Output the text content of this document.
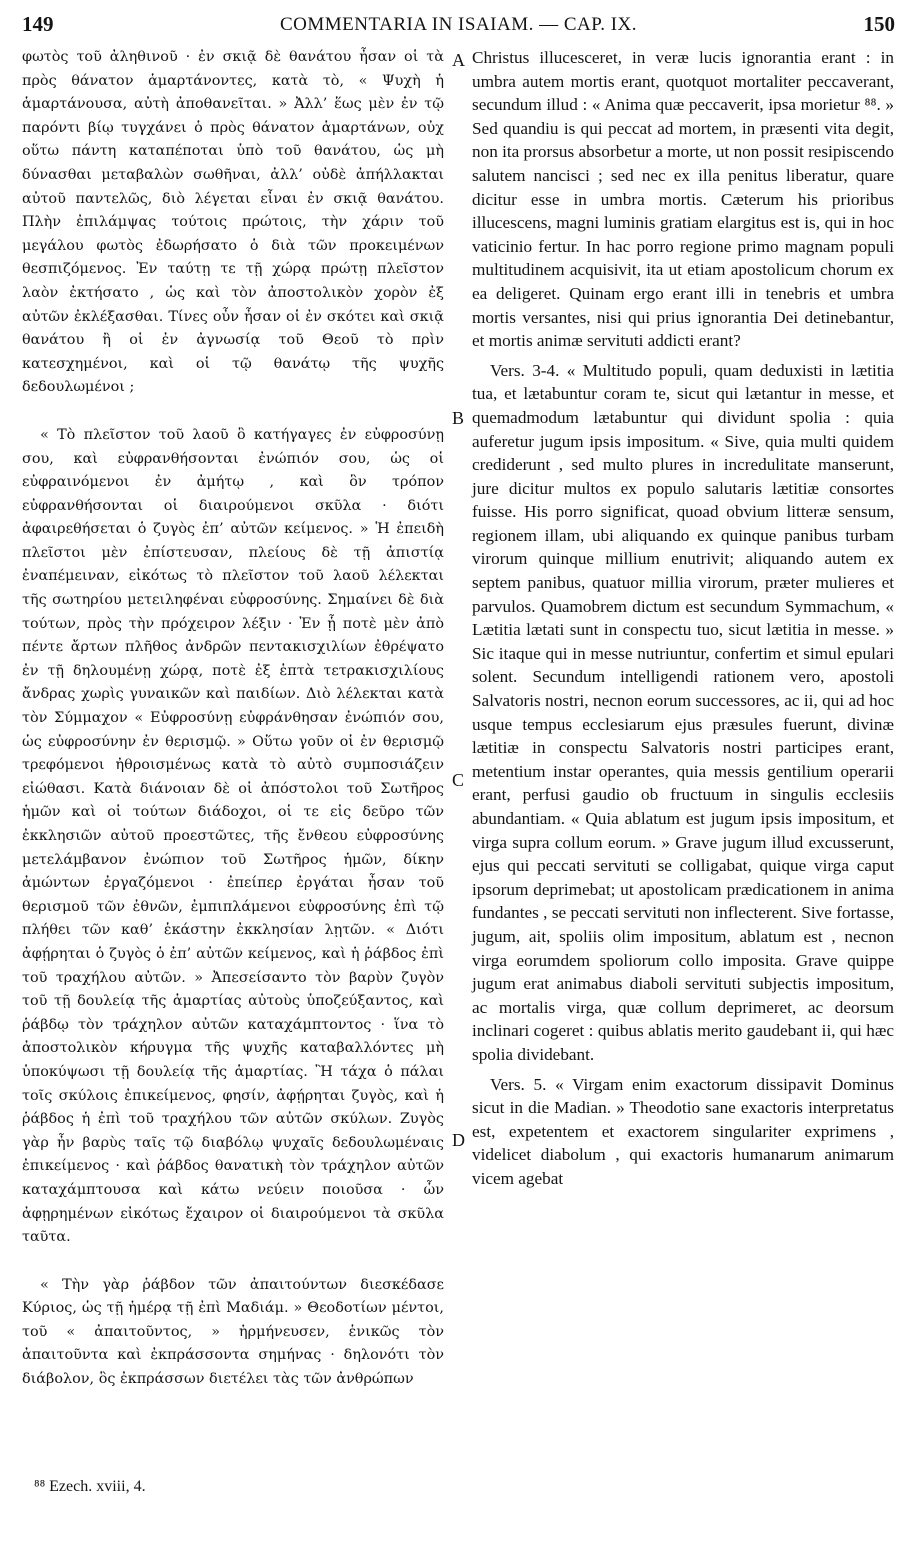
149	COMMENTARIA IN ISAIAM. — CAP. IX.	150

φωτὸς τοῦ ἀληθινοῦ · ἐν σκιᾷ δὲ θανάτου ἦσαν οἱ τὰ πρὸς θάνατον ἁμαρτάνοντες, κατὰ τὸ, « Ψυχὴ ἡ ἁμαρτάνουσα, αὐτὴ ἀποθανεῖται. » Ἀλλ’ ἕως μὲν ἐν τῷ παρόντι βίῳ τυγχάνει ὁ πρὸς θάνατον ἁμαρτάνων, οὐχ οὕτω πάντη καταπέποται ὑπὸ τοῦ θανάτου, ὡς μὴ δύνασθαι μεταβαλὼν σωθῆναι, ἀλλ’ οὐδὲ ἀπήλλακται αὐτοῦ παντελῶς, διὸ λέγεται εἶναι ἐν σκιᾷ θανάτου. Πλὴν ἐπιλάμψας τούτοις πρώτοις, τὴν χάριν τοῦ μεγάλου φωτὸς ἐδωρήσατο ὁ διὰ τῶν προκειμένων θεσπιζόμενος. Ἐν ταύτῃ τε τῇ χώρᾳ πρώτῃ πλεῖστον λαὸν ἐκτήσατο , ὡς καὶ τὸν ἀποστολικὸν χορὸν ἐξ αὐτῶν ἐκλέξασθαι. Τίνες οὖν ἦσαν οἱ ἐν σκότει καὶ σκιᾷ θανάτου ἢ οἱ ἐν ἀγνωσίᾳ τοῦ Θεοῦ τὸ πρὶν κατεσχημένοι, καὶ οἱ τῷ θανάτῳ τῆς ψυχῆς δεδουλωμένοι ;

« Τὸ πλεῖστον τοῦ λαοῦ ὃ κατήγαγες ἐν εὐφροσύνῃ σου, καὶ εὐφρανθήσονται ἐνώπιόν σου, ὡς οἱ εὐφραινόμενοι ἐν ἀμήτῳ , καὶ ὃν τρόπον εὐφρανθήσονται οἱ διαιρούμενοι σκῦλα · διότι ἀφαιρεθήσεται ὁ ζυγὸς ἐπ’ αὐτῶν κείμενος. » Ἡ ἐπειδὴ πλεῖστοι μὲν ἐπίστευσαν, πλείους δὲ τῇ ἀπιστίᾳ ἐναπέμειναν, εἰκότως τὸ πλεῖστον τοῦ λαοῦ λέλεκται τῆς σωτηρίου μετειληφέναι εὐφροσύνης. Σημαίνει δὲ διὰ τούτων, πρὸς τὴν πρόχειρον λέξιν · Ἐν ᾗ ποτὲ μὲν ἀπὸ πέντε ἄρτων πλῆθος ἀνδρῶν πεντακισχιλίων ἐθρέψατο ἐν τῇ δηλουμένῃ χώρᾳ, ποτὲ ἐξ ἑπτὰ τετρακισχιλίους ἄνδρας χωρὶς γυναικῶν καὶ παιδίων. Διὸ λέλεκται κατὰ τὸν Σύμμαχον « Εὐφροσύνῃ εὐφράνθησαν ἐνώπιόν σου, ὡς εὐφροσύνην ἐν θερισμῷ. » Οὕτω γοῦν οἱ ἐν θερισμῷ τρεφόμενοι ἠθροισμένως κατὰ τὸ αὐτὸ συμποσιάζειν εἰώθασι. Κατὰ διάνοιαν δὲ οἱ ἀπόστολοι τοῦ Σωτῆρος ἡμῶν καὶ οἱ τούτων διάδοχοι, οἱ τε εἰς δεῦρο τῶν ἐκκλησιῶν αὐτοῦ προεστῶτες, τῆς ἔνθεου εὐφροσύνης μετελάμβανον ἐνώπιον τοῦ Σωτῆρος ἡμῶν, δίκην ἀμώντων ἐργαζόμενοι · ἐπείπερ ἐργάται ἦσαν τοῦ θερισμοῦ τῶν ἐθνῶν, ἐμπιπλάμενοι εὐφροσύνης ἐπὶ τῷ πλήθει τῶν καθ’ ἑκάστην ἐκκλησίαν λῃτῶν. « Διότι ἀφῄρηται ὁ ζυγὸς ὁ ἐπ’ αὐτῶν κείμενος, καὶ ἡ ῥάβδος ἐπὶ τοῦ τραχήλου αὐτῶν. » Ἀπεσείσαντο τὸν βαρὺν ζυγὸν τοῦ τῇ δουλείᾳ τῆς ἁμαρτίας αὐτοὺς ὑποζεύξαντος, καὶ ῥάβδῳ τὸν τράχηλον αὐτῶν καταχάμπτοντος · ἵνα τὸ ἀποστολικὸν κήρυγμα τῆς ψυχῆς καταβαλλόντες μὴ ὑποκύψωσι τῇ δουλείᾳ τῆς ἁμαρτίας. Ἢ τάχα ὁ πάλαι τοῖς σκύλοις ἐπικείμενος, φησίν, ἀφῄρηται ζυγὸς, καὶ ἡ ῥάβδος ἡ ἐπὶ τοῦ τραχήλου τῶν αὐτῶν σκύλων. Ζυγὸς γὰρ ἦν βαρὺς ταῖς τῷ διαβόλῳ ψυχαῖς δεδουλωμέναις ἐπικείμενος · καὶ ῥάβδος θανατικὴ τὸν τράχηλον αὐτῶν καταχάμπτουσα καὶ κάτω νεύειν ποιοῦσα · ὧν ἀφῃρημένων εἰκότως ἔχαιρον οἱ διαιρούμενοι τὰ σκῦλα ταῦτα.

« Τὴν γὰρ ῥάβδον τῶν ἀπαιτούντων διεσκέδασε Κύριος, ὡς τῇ ἡμέρᾳ τῇ ἐπὶ Μαδιάμ. » Θεοδοτίων μέντοι, τοῦ « ἀπαιτοῦντος, » ἡρμήνευσεν, ἑνικῶς τὸν ἀπαιτοῦντα καὶ ἐκπράσσοντα σημήνας · δηλονότι τὸν διάβολον, ὃς ἐκπράσσων διετέλει τὰς τῶν ἀνθρώπων

Christus illucesceret, in veræ lucis ignorantia erant : in umbra autem mortis erant, quotquot mortaliter peccaverant, secundum illud : « Anima quæ peccaverit, ipsa morietur ⁸⁸. » Sed quandiu is qui peccat ad mortem, in præsenti vita degit, non ita prorsus absorbetur a morte, ut non possit resipiscendo salutem nancisci ; sed nec ex illa penitus liberatur, quare dicitur esse in umbra mortis. Cæterum his prioribus illucescens, magni luminis gratiam elargitus est is, qui in hoc vaticinio fertur. In hac porro regione primo magnam populi multitudinem acquisivit, ita ut etiam apostolicum chorum ex ea deligeret. Quinam ergo erant illi in tenebris et umbra mortis versantes, nisi qui prius ignorantia Dei detinebantur, et mortis animæ servituti addicti erant?

Vers. 3-4. « Multitudo populi, quam deduxisti in lætitia tua, et lætabuntur coram te, sicut qui lætantur in messe, et quemadmodum lætabuntur qui dividunt spolia : quia auferetur jugum ipsis impositum. « Sive, quia multi quidem crediderunt , sed multo plures in incredulitate manserunt, jure dicitur multos ex populo salutaris lætitiæ consortes fuisse. His porro significat, quoad obvium litteræ sensum, regionem illam, ubi aliquando ex quinque panibus turbam virorum quinque millium enutrivit; aliquando autem ex septem panibus, quatuor millia virorum, præter mulieres et parvulos. Quamobrem dictum est secundum Symmachum, « Lætitia lætati sunt in conspectu tuo, sicut lætitia in messe. » Sic itaque qui in messe nutriuntur, confertim et simul epulari solent. Secundum intelligendi rationem vero, apostoli Salvatoris nostri, necnon eorum successores, ac ii, qui ad hoc usque tempus ecclesiarum ejus præsules fuerunt, divinæ lætitiæ in conspectu Salvatoris nostri participes erant, metentium instar operantes, quia messis gentilium operarii erant, perfusi gaudio ob fructuum in singulis ecclesiis abundantiam. « Quia ablatum est jugum ipsis impositum, et virga supra collum eorum. » Grave jugum illud excusserunt, ejus qui peccati servituti se colligabat, quique virga caput ipsorum deprimebat; ut apostolicam prædicationem in anima fundantes , se peccati servituti non inflecterent. Sive fortasse, jugum, ait, spoliis olim impositum, ablatum est , necnon virga eorumdem spoliorum collo imposita. Grave quippe jugum erat animabus diaboli servituti subjectis impositum, ac mortalis virga, quæ collum deprimeret, ac deorsum inclinari cogeret : quibus ablatis merito gaudebant ii, qui hæc spolia dividebant.

Vers. 5. « Virgam enim exactorum dissipavit Dominus sicut in die Madian. » Theodotio sane exactoris interpretatus est, expetentem et exactorem singulariter exprimens , videlicet diabolum , qui exactoris humanarum animarum vicem agebat

A
B
C
D
⁸⁸ Ezech. xviii, 4.
